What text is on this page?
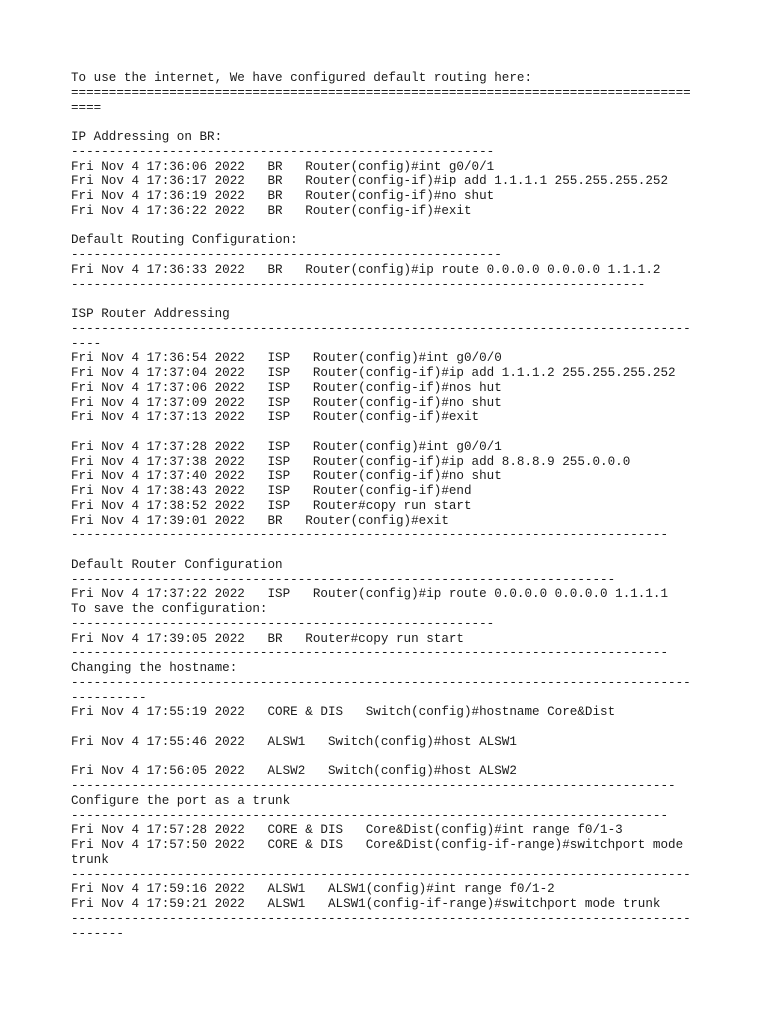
To use the internet, We have configured default routing here:
==================================================================================
====
IP Addressing on BR:
--------------------------------------------------------
Fri Nov 4 17:36:06 2022   BR   Router(config)#int g0/0/1
Fri Nov 4 17:36:17 2022   BR   Router(config-if)#ip add 1.1.1.1 255.255.255.252
Fri Nov 4 17:36:19 2022   BR   Router(config-if)#no shut
Fri Nov 4 17:36:22 2022   BR   Router(config-if)#exit
Default Routing Configuration:
---------------------------------------------------------
Fri Nov 4 17:36:33 2022   BR   Router(config)#ip route 0.0.0.0 0.0.0.0 1.1.1.2
----------------------------------------------------------------------------
ISP Router Addressing
----------------------------------------------------------------------------------
----
Fri Nov 4 17:36:54 2022   ISP   Router(config)#int g0/0/0
Fri Nov 4 17:37:04 2022   ISP   Router(config-if)#ip add 1.1.1.2 255.255.255.252
Fri Nov 4 17:37:06 2022   ISP   Router(config-if)#nos hut
Fri Nov 4 17:37:09 2022   ISP   Router(config-if)#no shut
Fri Nov 4 17:37:13 2022   ISP   Router(config-if)#exit
Fri Nov 4 17:37:28 2022   ISP   Router(config)#int g0/0/1
Fri Nov 4 17:37:38 2022   ISP   Router(config-if)#ip add 8.8.8.9 255.0.0.0
Fri Nov 4 17:37:40 2022   ISP   Router(config-if)#no shut
Fri Nov 4 17:38:43 2022   ISP   Router(config-if)#end
Fri Nov 4 17:38:52 2022   ISP   Router#copy run start
Fri Nov 4 17:39:01 2022   BR   Router(config)#exit
-------------------------------------------------------------------------------
Default Router Configuration
------------------------------------------------------------------------
Fri Nov 4 17:37:22 2022   ISP   Router(config)#ip route 0.0.0.0 0.0.0.0 1.1.1.1
To save the configuration:
--------------------------------------------------------
Fri Nov 4 17:39:05 2022   BR   Router#copy run start
-------------------------------------------------------------------------------
Changing the hostname:
----------------------------------------------------------------------------------
----------
Fri Nov 4 17:55:19 2022   CORE & DIS   Switch(config)#hostname Core&Dist
Fri Nov 4 17:55:46 2022   ALSW1   Switch(config)#host ALSW1
Fri Nov 4 17:56:05 2022   ALSW2   Switch(config)#host ALSW2
--------------------------------------------------------------------------------
Configure the port as a trunk
-------------------------------------------------------------------------------
Fri Nov 4 17:57:28 2022   CORE & DIS   Core&Dist(config)#int range f0/1-3
Fri Nov 4 17:57:50 2022   CORE & DIS   Core&Dist(config-if-range)#switchport mode
trunk
----------------------------------------------------------------------------------
Fri Nov 4 17:59:16 2022   ALSW1   ALSW1(config)#int range f0/1-2
Fri Nov 4 17:59:21 2022   ALSW1   ALSW1(config-if-range)#switchport mode trunk
----------------------------------------------------------------------------------
-------
